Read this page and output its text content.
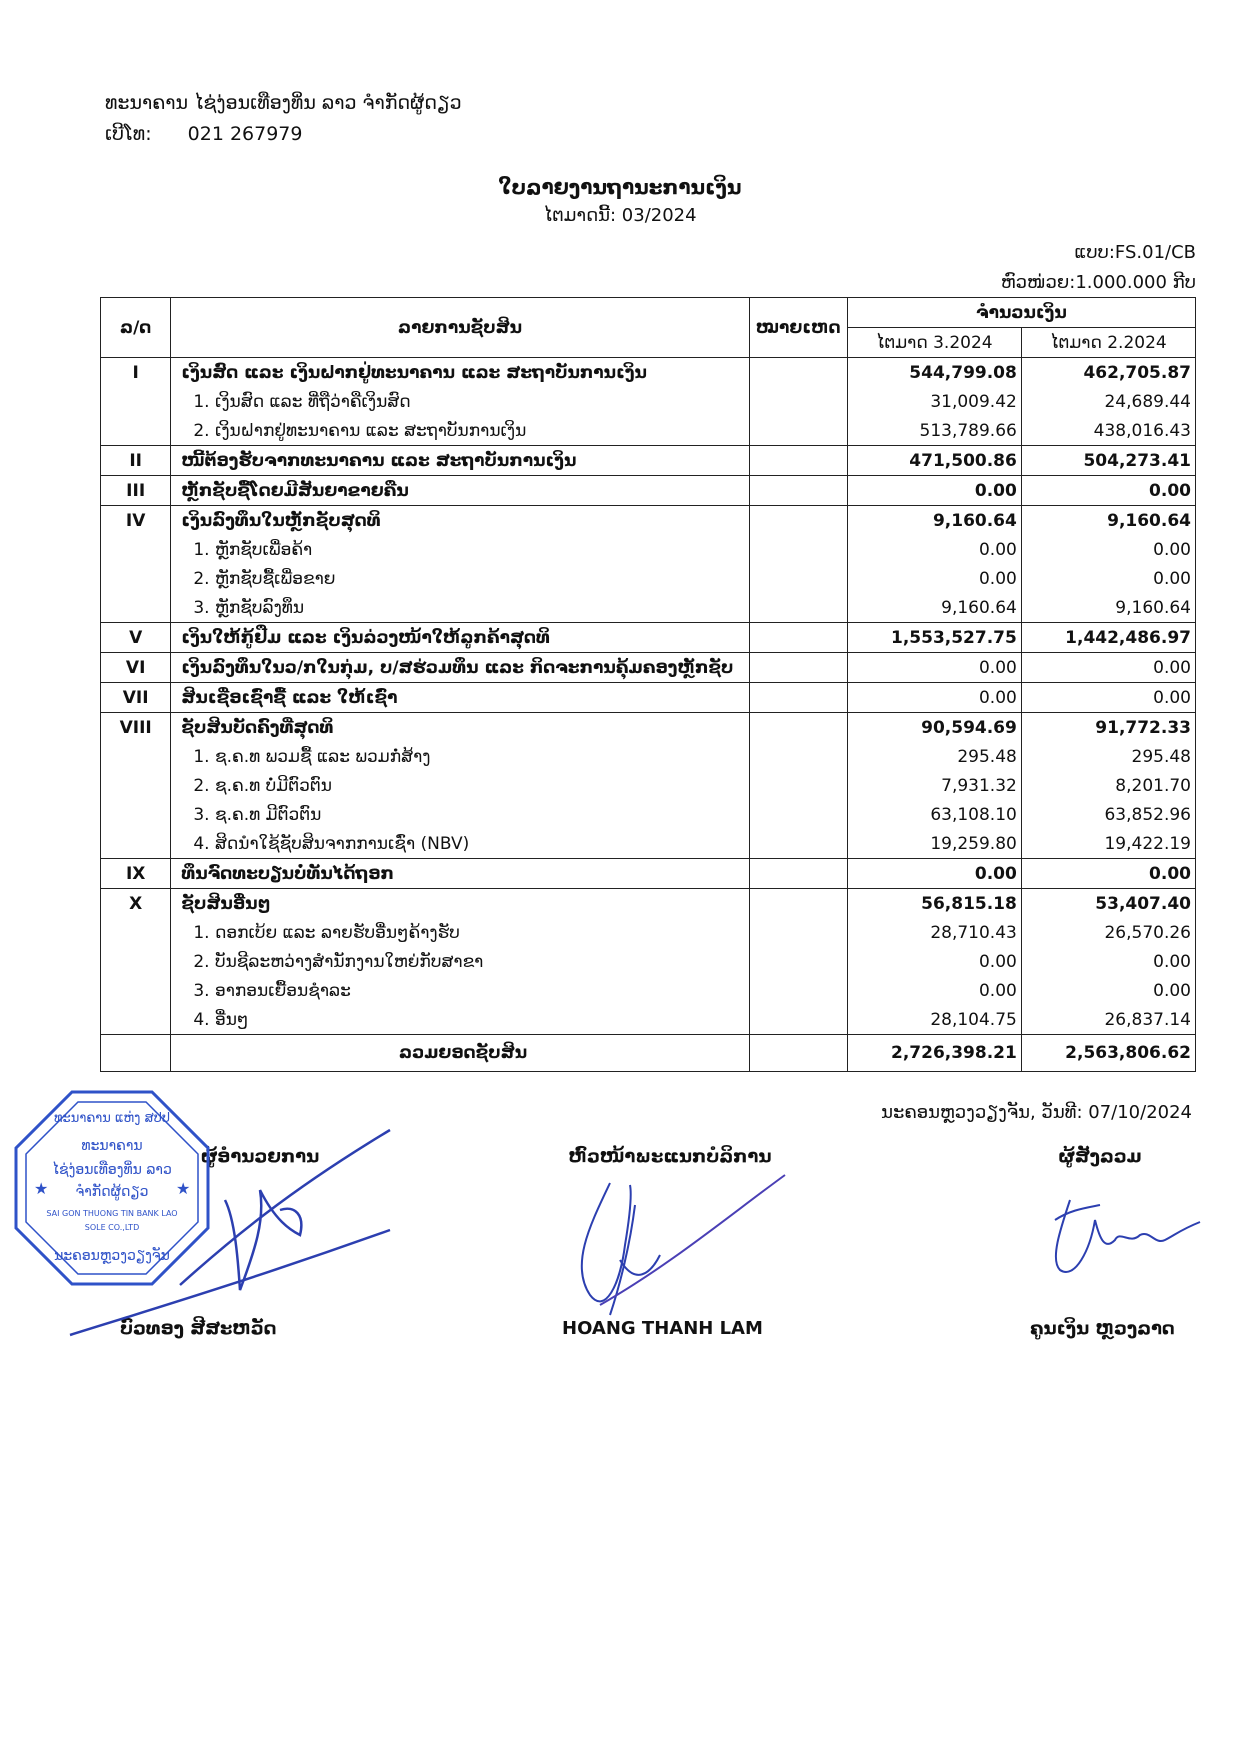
ທະນາຄານ ໄຊ່ງ່ອນເທືອງທິ່ນ ລາວ ຈຳກັດຜູ້ດຽວ
ເບີໂທ: 021 267979
ໃບລາຍງານຖານະການເງິນ
ໄຕມາດນີ້: 03/2024
ແບບ:FS.01/CB
ຫົວໜ່ວຍ:1.000.000 ກີບ
ລ/ດ	ລາຍການຊັບສິນ	ໝາຍເຫດ	ຈຳນວນເງິນ	
			ໄຕມາດ 3.2024	ໄຕມາດ 2.2024
I	ເງິນສົດ ແລະ ເງິນຝາກຢູ່ທະນາຄານ ແລະ ສະຖາບັນການເງິນ		544,799.08	462,705.87
	1. ເງິນສົດ ແລະ ທີ່ຖືວ່າຄືເງິນສົດ		31,009.42	24,689.44
	2. ເງິນຝາກຢູ່ທະນາຄານ ແລະ ສະຖາບັນການເງິນ		513,789.66	438,016.43
II	ໜີ້ຕ້ອງຮັບຈາກທະນາຄານ ແລະ ສະຖາບັນການເງິນ		471,500.86	504,273.41
III	ຫຼັກຊັບຊື້ໂດຍມີສັນຍາຂາຍຄືນ		0.00	0.00
IV	ເງິນລົງທຶນໃນຫຼັກຊັບສຸດທິ		9,160.64	9,160.64
	1. ຫຼັກຊັບເພື່ອຄ້າ		0.00	0.00
	2. ຫຼັກຊັບຊື້ເພື່ອຂາຍ		0.00	0.00
	3. ຫຼັກຊັບລົງທຶນ		9,160.64	9,160.64
V	ເງິນໃຫ້ກູ້ຢືມ ແລະ ເງິນລ່ວງໜ້າໃຫ້ລູກຄ້າສຸດທິ		1,553,527.75	1,442,486.97
VI	ເງິນລົງທຶນໃນວ/ກໃນກຸ່ມ, ບ/ສຮ່ວມທຶນ ແລະ ກິດຈະການຄຸ້ມຄອງຫຼັກຊັບ		0.00	0.00
VII	ສິນເຊື່ອເຊົ່າຊື້ ແລະ ໃຫ້ເຊົ່າ		0.00	0.00
VIII	ຊັບສິນບັດຄົງທີ່ສຸດທິ		90,594.69	91,772.33
	1. ຊ.ຄ.ທ ພວມຊື້ ແລະ ພວມກໍ່ສ້າງ		295.48	295.48
	2. ຊ.ຄ.ທ ບໍ່ມີຕົວຕົນ		7,931.32	8,201.70
	3. ຊ.ຄ.ທ ມີຕົວຕົນ		63,108.10	63,852.96
	4. ສິດນຳໃຊ້ຊັບສິນຈາກການເຊົ່າ (NBV)		19,259.80	19,422.19
IX	ທຶນຈົດທະບຽນບໍ່ທັນໄດ້ຖອກ		0.00	0.00
X	ຊັບສິນອື່ນໆ		56,815.18	53,407.40
	1. ດອກເບ້ຍ ແລະ ລາຍຮັບອື່ນໆຄ້າງຮັບ		28,710.43	26,570.26
	2. ບັນຊີລະຫວ່າງສຳນັກງານໃຫຍ່ກັບສາຂາ		0.00	0.00
	3. ອາກອນເຍື້ອນຊຳລະ		0.00	0.00
	4. ອື່ນໆ		28,104.75	26,837.14
	ລວມຍອດຊັບສິນ		2,726,398.21	2,563,806.62
ນະຄອນຫຼວງວຽງຈັນ, ວັນທີ: 07/10/2024
ຜູ້ອຳນວຍການ	ຫົວໜ້າພະແນກບໍລິການ	ຜູ້ສັງລວມ
ບົວທອງ ສີສະຫວັດ	HOANG THANH LAM	ຄູນເງິນ ຫຼວງລາດ
ທະນາຄານ ແຫ່ງ ສປປ
ທະນາຄານ
ໄຊ່ງ່ອນເທືອງທິ່ນ ລາວ
ຈຳກັດຜູ້ດຽວ
SAI GON THUONG TIN BANK LAO
SOLE CO.,LTD
ນະຄອນຫຼວງວຽງຈັນ
★	★
